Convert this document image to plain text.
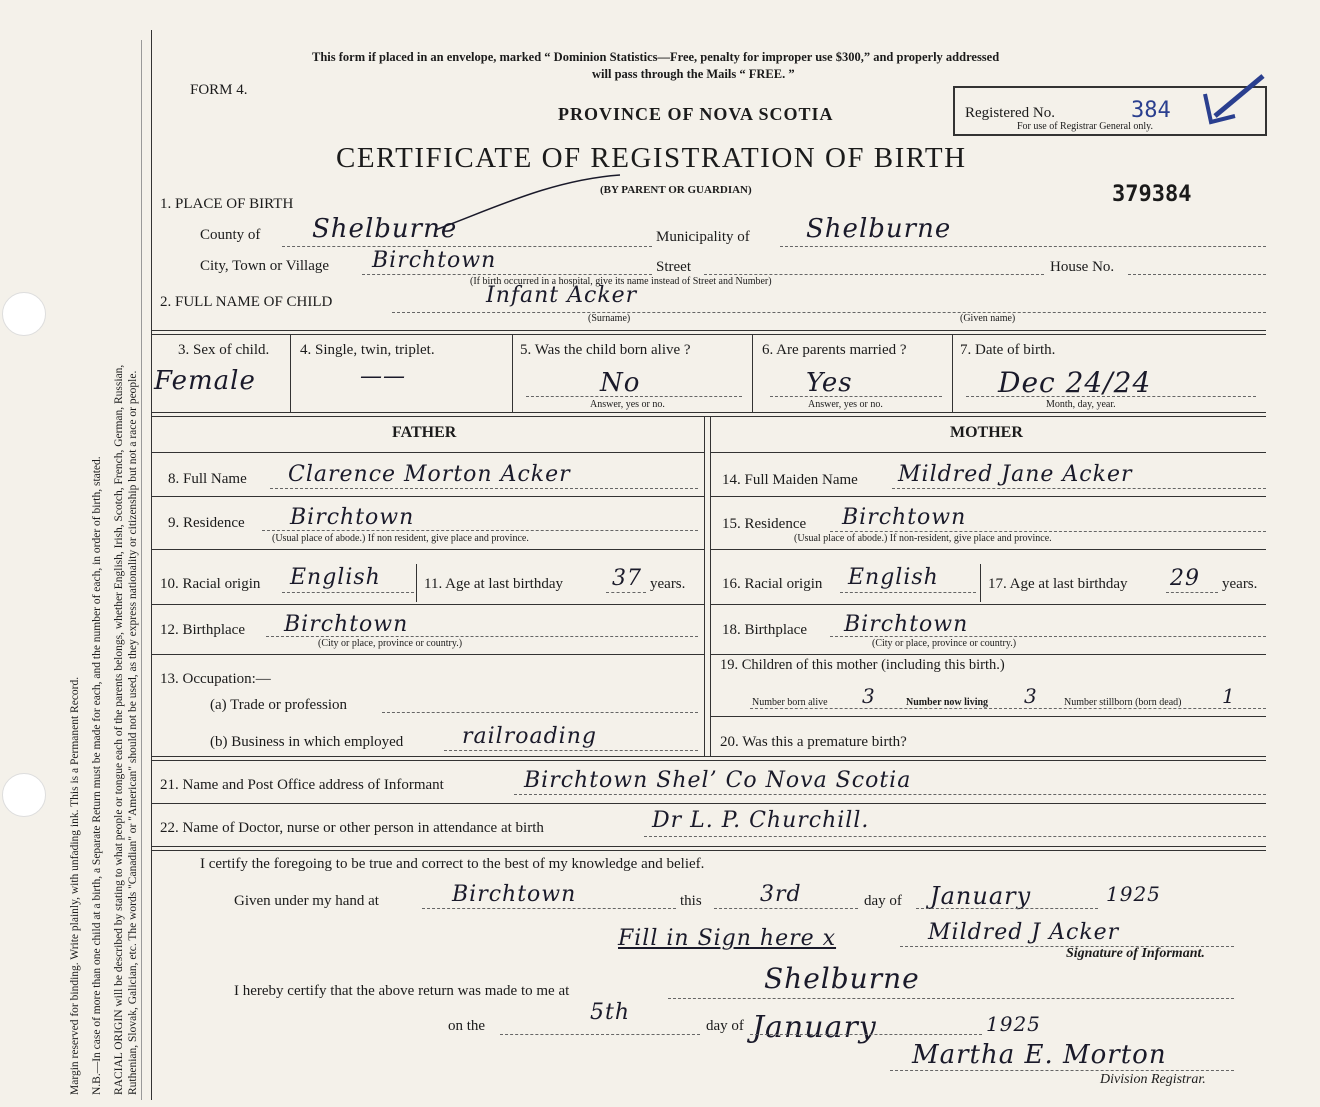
Margin reserved for binding. Write plainly, with unfading ink. This is a Permanent Record. N.B.—In case of more than one child at a birth, a Separate Return must be made for each, and the number of each, in order of birth, stated. RACIAL ORIGIN will be described by stating to what people or tongue each of the parents belongs, whether English, Irish, Scotch, French, German, Russian, Ruthenian, Slovak, Galician, etc. The words "Canadian" or "American" should not be used, as they express nationality or citizenship but not a race or people.
This form if placed in an envelope, marked “ Dominion Statistics—Free, penalty for improper use $300,” and properly addressed
will pass through the Mails “ FREE. ”
FORM 4.
PROVINCE OF NOVA SCOTIA
CERTIFICATE OF REGISTRATION OF BIRTH
(BY PARENT OR GUARDIAN)
Registered No.	384
For use of Registrar General only.
379384
1. PLACE OF BIRTH
County of Shelburne	Municipality of Shelburne
City, Town or Village Birchtown	Street	House No.
(If birth occurred in a hospital, give its name instead of Street and Number)
2. FULL NAME OF CHILD	Infant Acker
(Surname)	(Given name)
3. Sex of child.
Female
4. Single, twin, triplet.
——
5. Was the child born alive ?
No
Answer, yes or no.
6. Are parents married ?
Yes
Answer, yes or no.
7. Date of birth.
Dec 24/24
Month, day, year.
FATHER	MOTHER
8. Full Name Clarence Morton Acker
9. Residence Birchtown
(Usual place of abode.) If non resident, give place and province.
10. Racial origin English	11. Age at last birthday 37 years.
12. Birthplace Birchtown
(City or place, province or country.)
13. Occupation:—
(a) Trade or profession
(b) Business in which employed	railroading
14. Full Maiden Name Mildred Jane Acker
15. Residence Birchtown
(Usual place of abode.) If non-resident, give place and province.
16. Racial origin English	17. Age at last birthday 29 years.
18. Birthplace Birchtown
(City or place, province or country.)
19. Children of this mother (including this birth.)
Number born alive 3	Number now living 3	Number stillborn (born dead) 1
20. Was this a premature birth?
21. Name and Post Office address of Informant	Birchtown Shel’ Co Nova Scotia
22. Name of Doctor, nurse or other person in attendance at birth	Dr L. P. Churchill.
I certify the foregoing to be true and correct to the best of my knowledge and belief.
Given under my hand at	Birchtown	this	3rd	day of January	1925
Fill in Sign here x	Mildred J Acker
Signature of Informant.
I hereby certify that the above return was made to me at	Shelburne
on the
5th
day of January	1925
Martha E. Morton
Division Registrar.
